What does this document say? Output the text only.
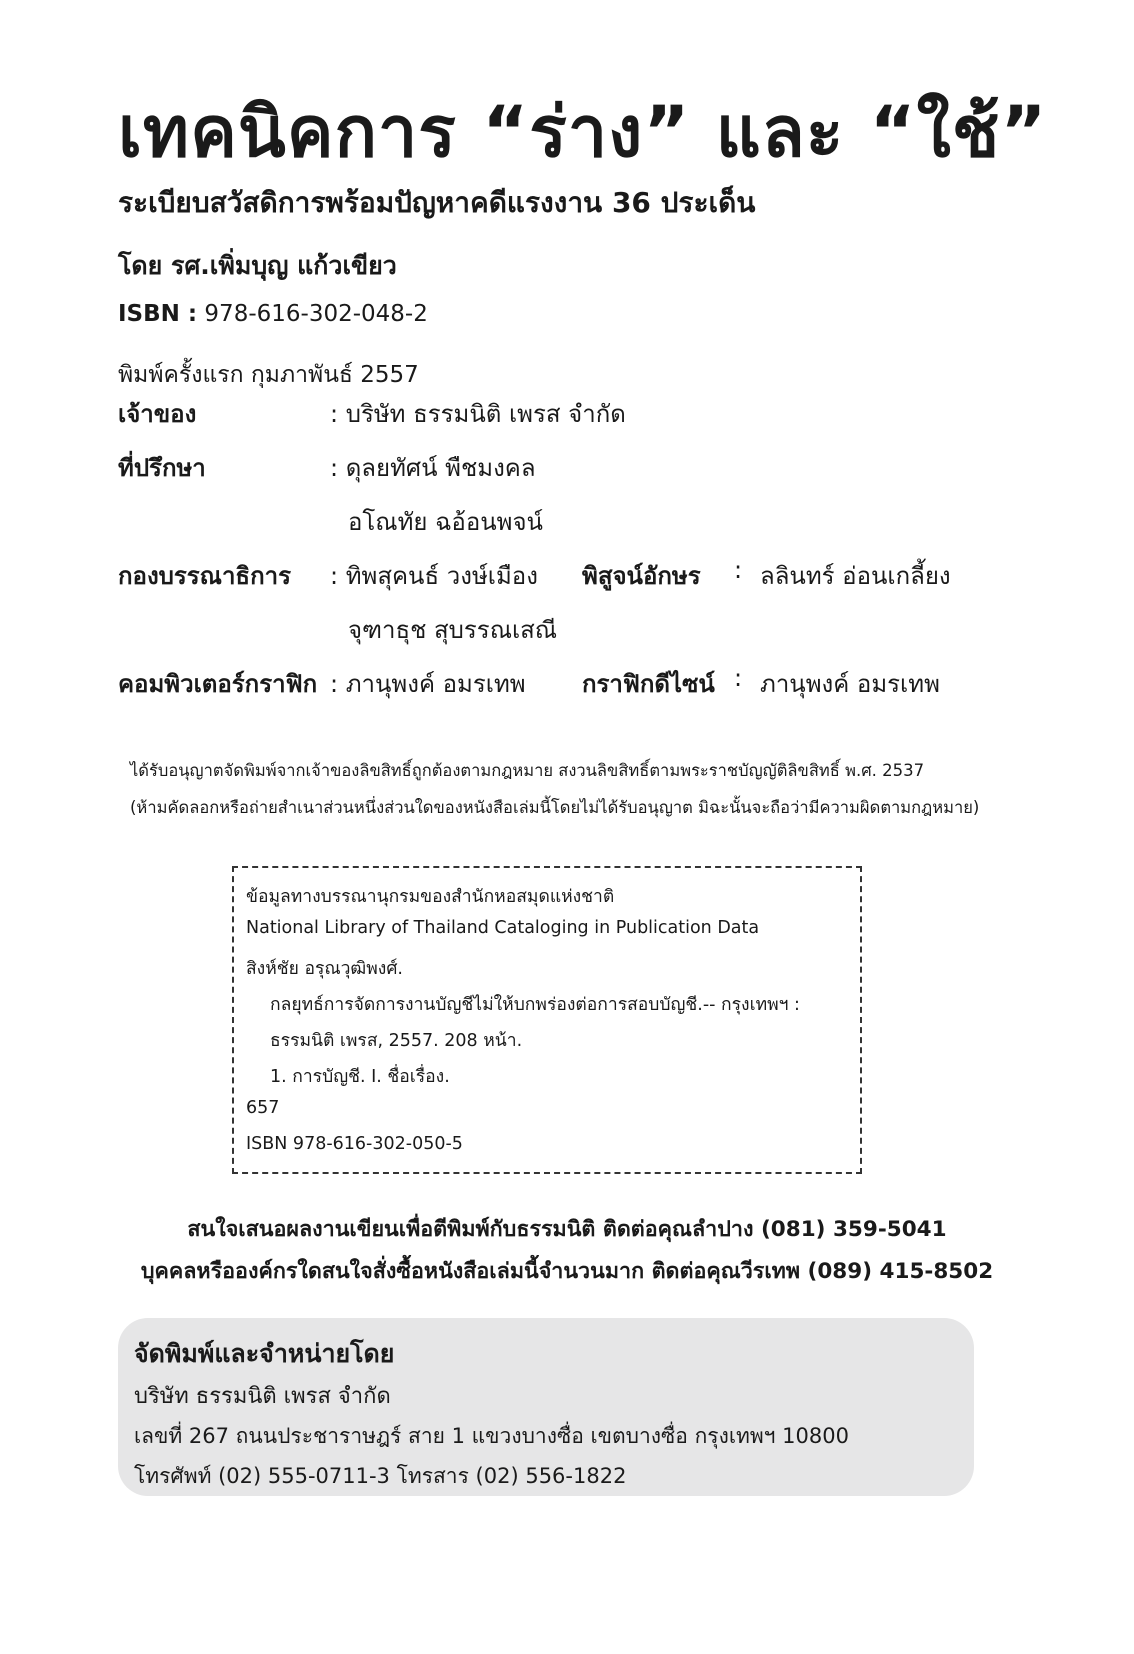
เทคนิคการ “ร่าง” และ “ใช้”
ระเบียบสวัสดิการพร้อมปัญหาคดีแรงงาน 36 ประเด็น
โดย รศ.เพิ่มบุญ แก้วเขียว
ISBN : 978-616-302-048-2
พิมพ์ครั้งแรก กุมภาพันธ์ 2557
เจ้าของ	: บริษัท ธรรมนิติ เพรส จำกัด
ที่ปรึกษา	: ดุลยทัศน์ พืชมงคล
อโณทัย ฉอ้อนพจน์
กองบรรณาธิการ : ทิพสุคนธ์ วงษ์เมือง พิสูจน์อักษร : ลลินทร์ อ่อนเกลี้ยง
จุฑาธุช สุบรรณเสณี
คอมพิวเตอร์กราฟิก : ภานุพงค์ อมรเทพ กราฟิกดีไซน์ : ภานุพงค์ อมรเทพ
ได้รับอนุญาตจัดพิมพ์จากเจ้าของลิขสิทธิ์ถูกต้องตามกฎหมาย สงวนลิขสิทธิ์ตามพระราชบัญญัติลิขสิทธิ์ พ.ศ. 2537
(ห้ามคัดลอกหรือถ่ายสำเนาส่วนหนึ่งส่วนใดของหนังสือเล่มนี้โดยไม่ได้รับอนุญาต มิฉะนั้นจะถือว่ามีความผิดตามกฎหมาย)
ข้อมูลทางบรรณานุกรมของสำนักหอสมุดแห่งชาติ
National Library of Thailand Cataloging in Publication Data
สิงห์ชัย อรุณวุฒิพงศ์.
กลยุทธ์การจัดการงานบัญชีไม่ให้บกพร่องต่อการสอบบัญชี.-- กรุงเทพฯ :
ธรรมนิติ เพรส, 2557. 208 หน้า.
1. การบัญชี. I. ชื่อเรื่อง.
657
ISBN 978-616-302-050-5
สนใจเสนอผลงานเขียนเพื่อตีพิมพ์กับธรรมนิติ ติดต่อคุณลำปาง (081) 359-5041
บุคคลหรือองค์กรใดสนใจสั่งซื้อหนังสือเล่มนี้จำนวนมาก ติดต่อคุณวีรเทพ (089) 415-8502
จัดพิมพ์และจำหน่ายโดย
บริษัท ธรรมนิติ เพรส จำกัด
เลขที่ 267 ถนนประชาราษฎร์ สาย 1 แขวงบางซื่อ เขตบางซื่อ กรุงเทพฯ 10800
โทรศัพท์ (02) 555-0711-3 โทรสาร (02) 556-1822
